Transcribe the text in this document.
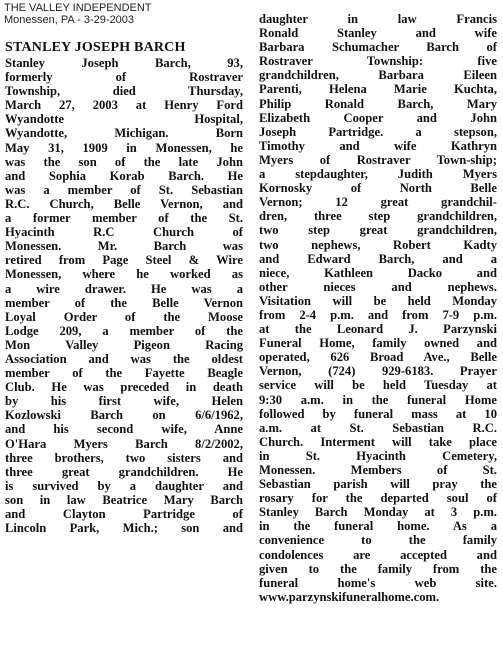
THE VALLEY INDEPENDENT
Monessen, PA - 3-29-2003
STANLEY JOSEPH BARCH
Stanley Joseph Barch, 93,
formerly of Rostraver
Township, died Thursday,
March 27, 2003 at Henry Ford
Wyandotte Hospital,
Wyandotte, Michigan. Born
May 31, 1909 in Monessen, he
was the son of the late John
and Sophia Korab Barch. He
was a member of St. Sebastian
R.C. Church, Belle Vernon, and
a former member of the St.
Hyacinth R.C Church of
Monessen. Mr. Barch was
retired from Page Steel & Wire
Monessen, where he worked as
a wire drawer. He was a
member of the Belle Vernon
Loyal Order of the Moose
Lodge 209, a member of the
Mon Valley Pigeon Racing
Association and was the oldest
member of the Fayette Beagle
Club. He was preceded in death
by his first wife, Helen
Kozlowski Barch on 6/6/1962,
and his second wife, Anne
O'Hara Myers Barch 8/2/2002,
three brothers, two sisters and
three great grandchildren. He
is survived by a daughter and
son in law Beatrice Mary Barch
and Clayton Partridge of
Lincoln Park, Mich.; son and
daughter in law Francis
Ronald Stanley and wife
Barbara Schumacher Barch of
Rostraver Township: five
grandchildren, Barbara Eileen
Parenti, Helena Marie Kuchta,
Philip Ronald Barch, Mary
Elizabeth Cooper and John
Joseph Partridge. a stepson,
Timothy and wife Kathryn
Myers of Rostraver Town-ship;
a stepdaughter, Judith Myers
Kornosky of North Belle
Vernon; 12 great grandchil-
dren, three step grandchildren,
two step great grandchildren,
two nephews, Robert Kadty
and Edward Barch, and a
niece, Kathleen Dacko and
other nieces and nephews.
Visitation will be held Monday
from 2-4 p.m. and from 7-9 p.m.
at the Leonard J. Parzynski
Funeral Home, family owned and
operated, 626 Broad Ave., Belle
Vernon, (724) 929-6183. Prayer
service will be held Tuesday at
9:30 a.m. in the funeral Home
followed by funeral mass at 10
a.m. at St. Sebastian R.C.
Church. Interment will take place
in St. Hyacinth Cemetery,
Monessen. Members of St.
Sebastian parish will pray the
rosary for the departed soul of
Stanley Barch Monday at 3 p.m.
in the funeral home. As a
convenience to the family
condolences are accepted and
given to the family from the
funeral home's web site.
www.parzynskifuneralhome.com.
